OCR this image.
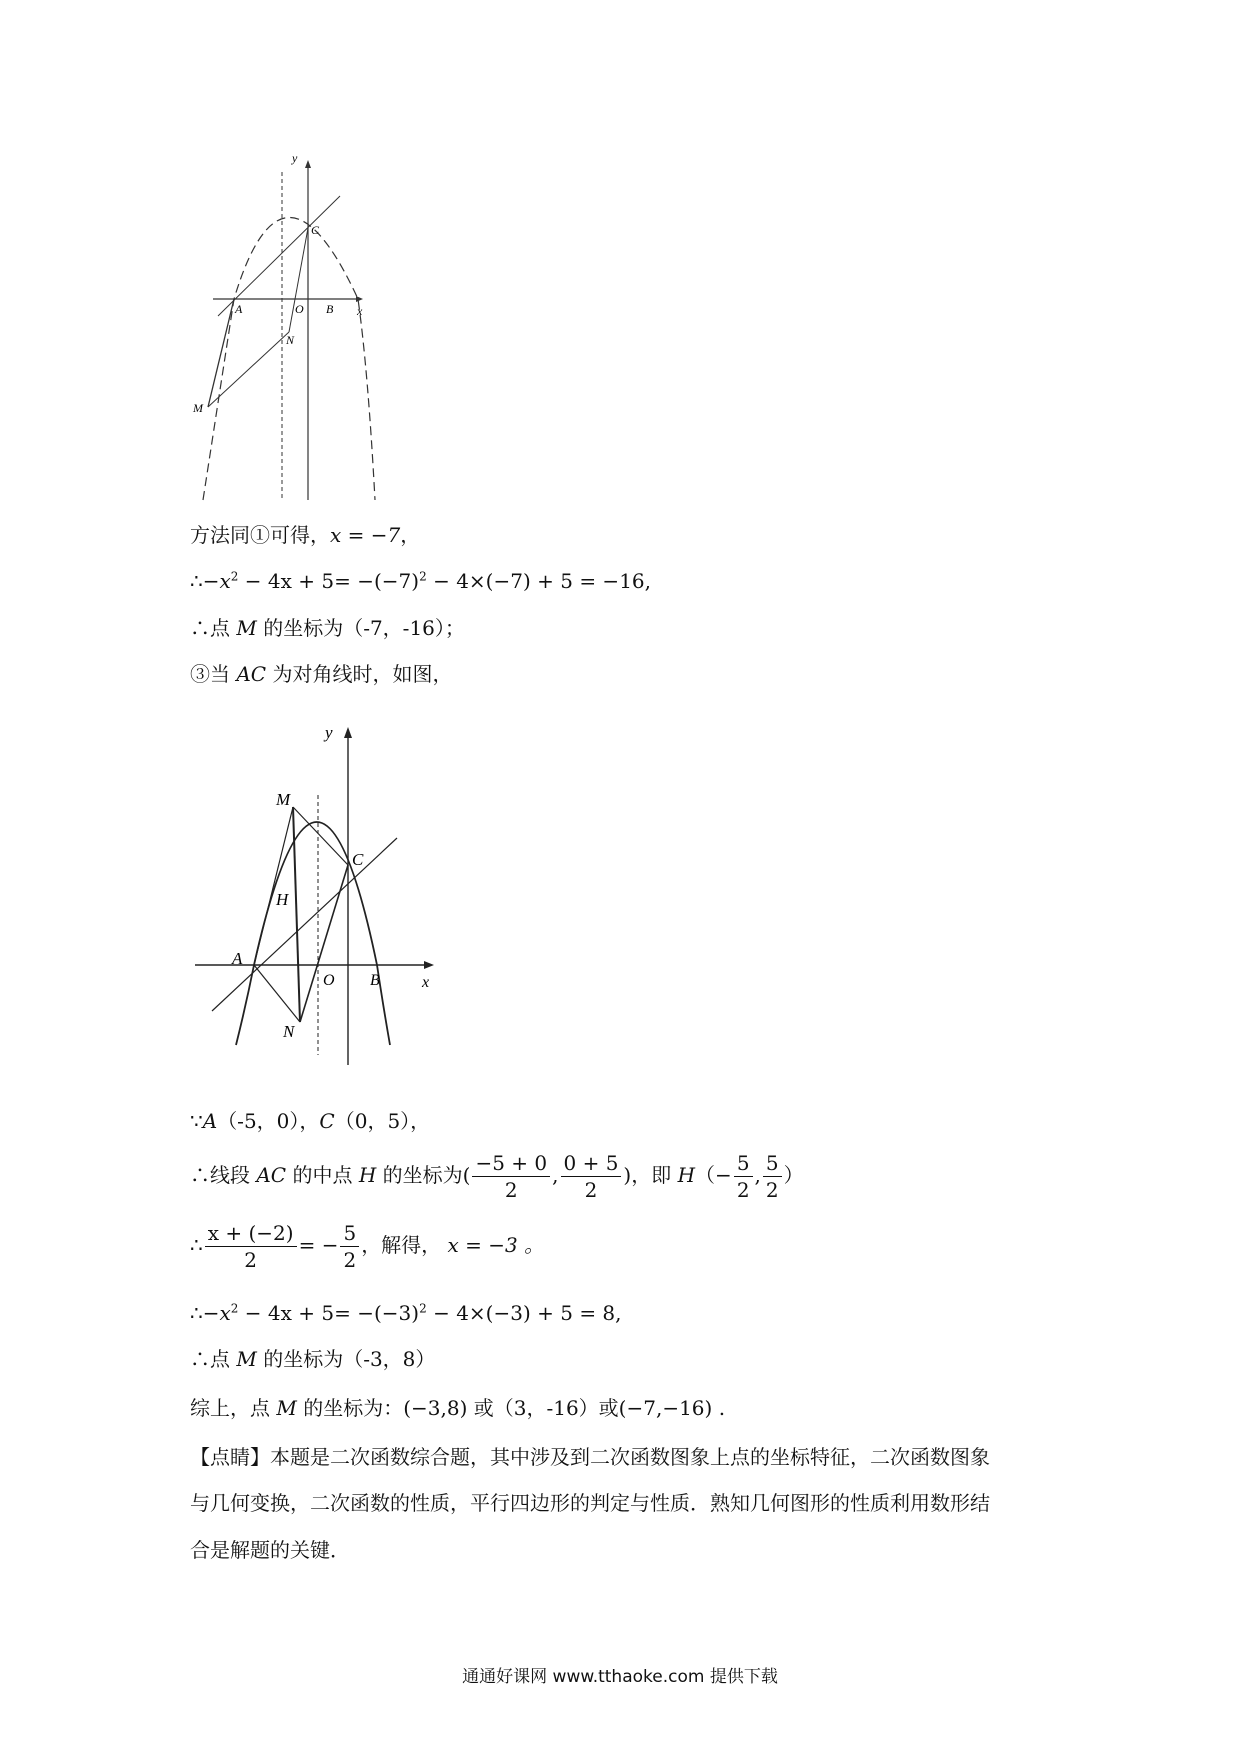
y
x
C
A	O B
N
M
方法同①可得，x = −7，
$\therefore-x^2 - 4x + 5= -(-7)^2 - 4\times(-7) + 5 = -16$,
∴点 M 的坐标为（-7，-16）；
③当 AC 为对角线时，如图，
y
x
M
C
H
A
O B
N
∵A（-5，0），C（0，5），
∴线段 AC 的中点 H 的坐标为( $\frac{-5 + 0}{2}$ , $\frac{0 + 5}{2}$ )，即 $H(- \frac{5}{2}$ , $\frac{5}{2}$ ）
∴ $\frac{x + (-2)}{2}$ = − $\frac{5}{2}$ ，解得， x = −3 。
$\therefore-x^2 - 4x + 5= -(-3)^2 - 4\times(-3) + 5 = 8$,
∴点 M 的坐标为（-3，8）
综上，点 M 的坐标为：(−3,8) 或（3，-16）或(−7,−16) .
【点睛】本题是二次函数综合题，其中涉及到二次函数图象上点的坐标特征，二次函数图象
与几何变换，二次函数的性质，平行四边形的判定与性质．熟知几何图形的性质利用数形结
合是解题的关键．
通通好课网 www.tthaoke.com 提供下载
